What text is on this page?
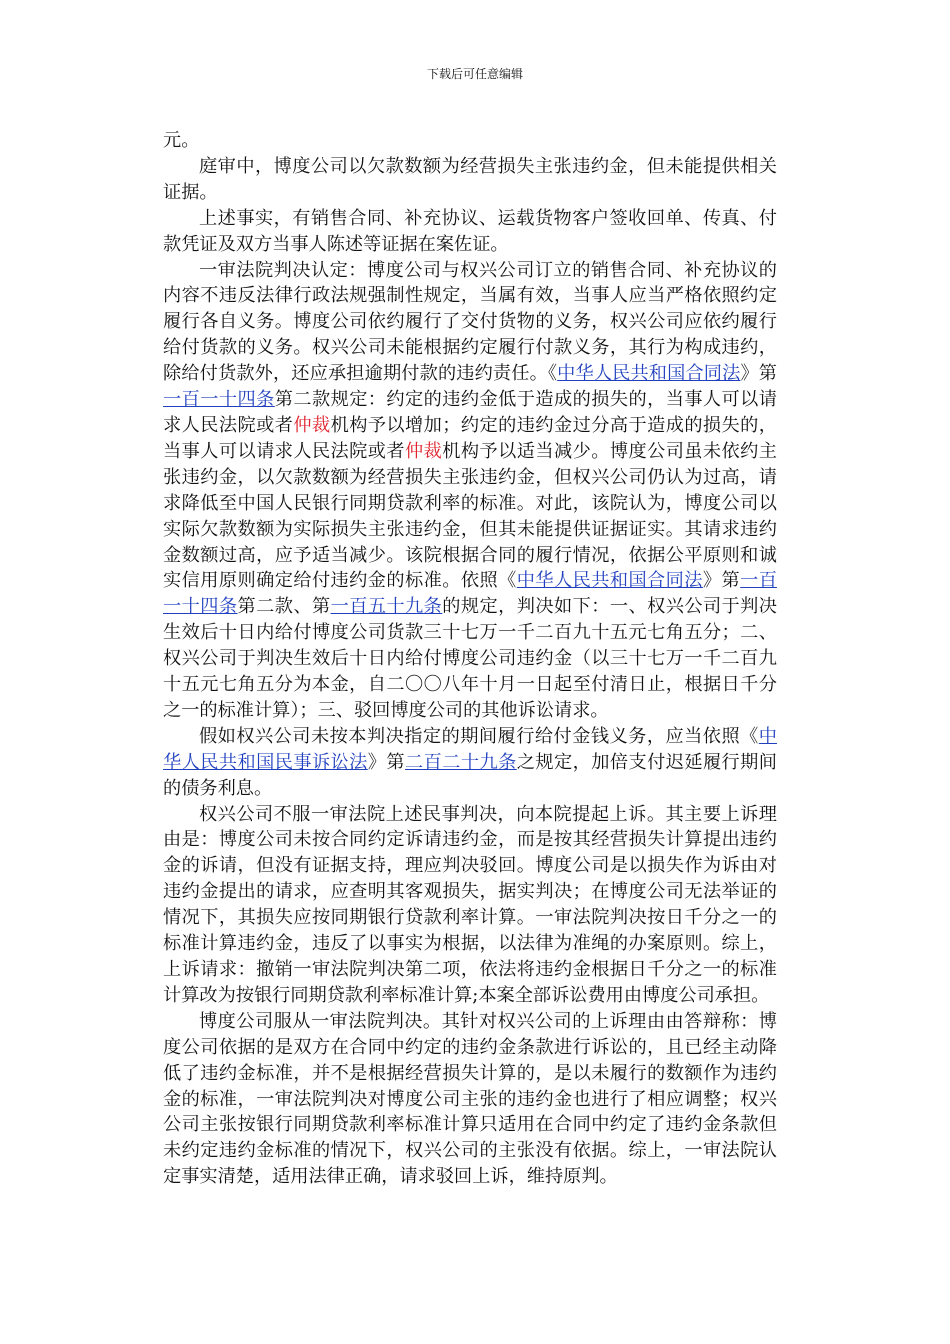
下载后可任意编辑

元。

庭审中，博度公司以欠款数额为经营损失主张违约金，但未能提供相关证据。

上述事实，有销售合同、补充协议、运载货物客户签收回单、传真、付款凭证及双方当事人陈述等证据在案佐证。

一审法院判决认定：博度公司与权兴公司订立的销售合同、补充协议的内容不违反法律行政法规强制性规定，当属有效，当事人应当严格依照约定履行各自义务。博度公司依约履行了交付货物的义务，权兴公司应依约履行给付货款的义务。权兴公司未能根据约定履行付款义务，其行为构成违约，除给付货款外，还应承担逾期付款的违约责任。《中华人民共和国合同法》第一百一十四条第二款规定：约定的违约金低于造成的损失的，当事人可以请求人民法院或者仲裁机构予以增加；约定的违约金过分高于造成的损失的，当事人可以请求人民法院或者仲裁机构予以适当减少。博度公司虽未依约主张违约金，以欠款数额为经营损失主张违约金，但权兴公司仍认为过高，请求降低至中国人民银行同期贷款利率的标准。对此，该院认为，博度公司以实际欠款数额为实际损失主张违约金，但其未能提供证据证实。其请求违约金数额过高，应予适当减少。该院根据合同的履行情况，依据公平原则和诚实信用原则确定给付违约金的标准。依照《中华人民共和国合同法》第一百一十四条第二款、第一百五十九条的规定，判决如下：一、权兴公司于判决生效后十日内给付博度公司货款三十七万一千二百九十五元七角五分；二、权兴公司于判决生效后十日内给付博度公司违约金（以三十七万一千二百九十五元七角五分为本金，自二〇〇八年十月一日起至付清日止，根据日千分之一的标准计算）；三、驳回博度公司的其他诉讼请求。

假如权兴公司未按本判决指定的期间履行给付金钱义务，应当依照《中华人民共和国民事诉讼法》第二百二十九条之规定，加倍支付迟延履行期间的债务利息。

权兴公司不服一审法院上述民事判决，向本院提起上诉。其主要上诉理由是：博度公司未按合同约定诉请违约金，而是按其经营损失计算提出违约金的诉请，但没有证据支持，理应判决驳回。博度公司是以损失作为诉由对违约金提出的请求，应查明其客观损失，据实判决；在博度公司无法举证的情况下，其损失应按同期银行贷款利率计算。一审法院判决按日千分之一的标准计算违约金，违反了以事实为根据，以法律为准绳的办案原则。综上，上诉请求：撤销一审法院判决第二项，依法将违约金根据日千分之一的标准计算改为按银行同期贷款利率标准计算;本案全部诉讼费用由博度公司承担。

博度公司服从一审法院判决。其针对权兴公司的上诉理由由答辩称：博度公司依据的是双方在合同中约定的违约金条款进行诉讼的，且已经主动降低了违约金标准，并不是根据经营损失计算的，是以未履行的数额作为违约金的标准，一审法院判决对博度公司主张的违约金也进行了相应调整；权兴公司主张按银行同期贷款利率标准计算只适用在合同中约定了违约金条款但未约定违约金标准的情况下，权兴公司的主张没有依据。综上，一审法院认定事实清楚，适用法律正确，请求驳回上诉，维持原判。
